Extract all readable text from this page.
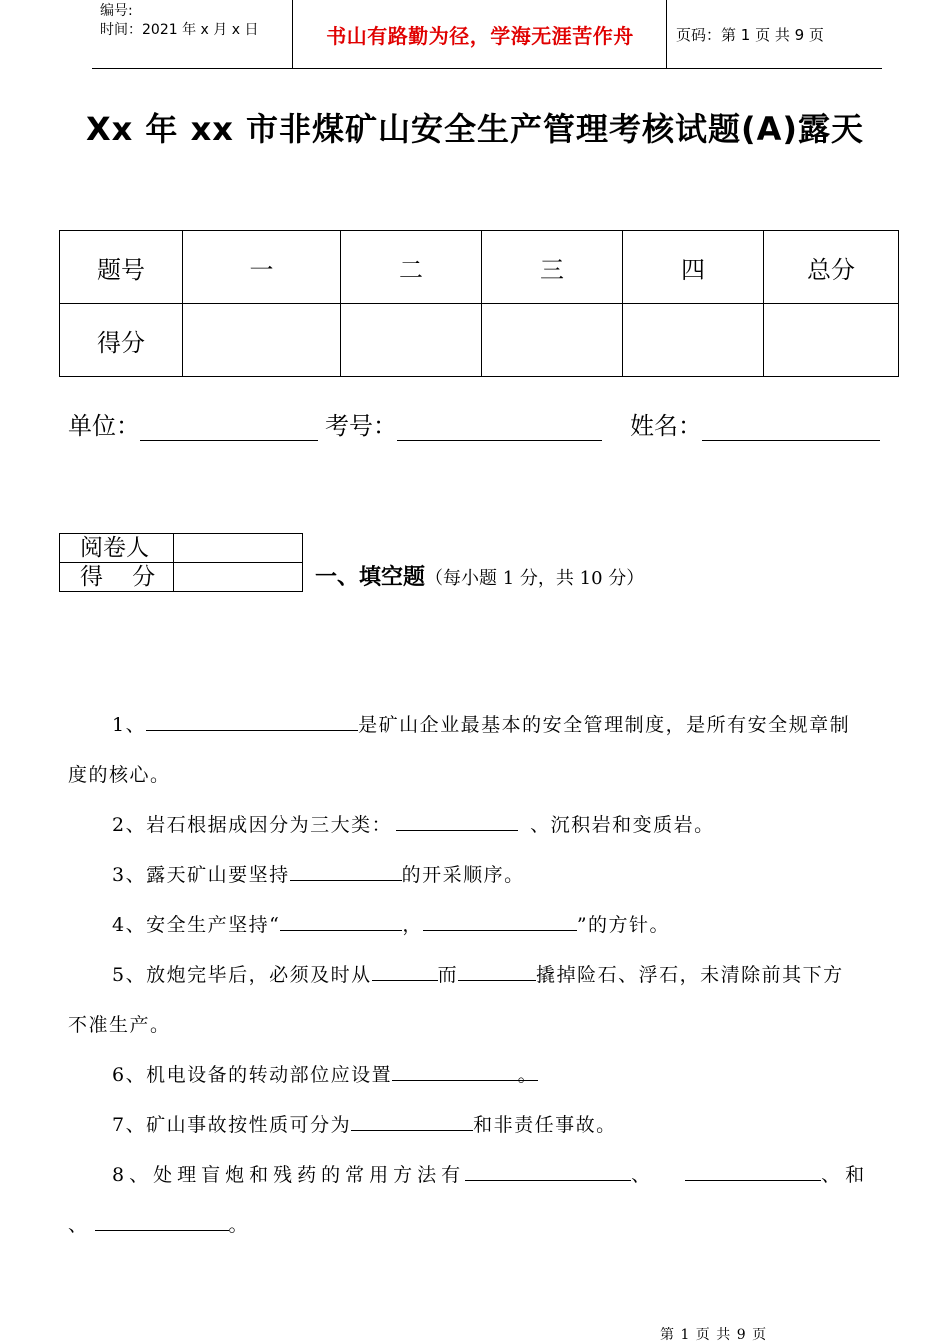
编号:
时间：2021 年 x 月 x 日	书山有路勤为径，学海无涯苦作舟	页码：第 1 页 共 9 页
Xx 年 xx 市非煤矿山安全生产管理考核试题(A)露天
题号	一	二	三	四	总分
得分					
单位：	考号：	姓名：
阅卷人	
得    分		一、填空题（每小题 1 分，共 10 分）
1、	是矿山企业最基本的安全管理制度，是所有安全规章制
度的核心。
2、岩石根据成因分为三大类：	、沉积岩和变质岩。
3、露天矿山要坚持	的开采顺序。
4、安全生产坚持“	，	”的方针。
5、放炮完毕后，必须及时从	而	撬掉险石、浮石，未清除前其下方
不准生产。
6、机电设备的转动部位应设置	。
7、矿山事故按性质可分为	和非责任事故。
8、处理盲炮和残药的常用方法有	、	、和
、	。
第 1 页 共 9 页
